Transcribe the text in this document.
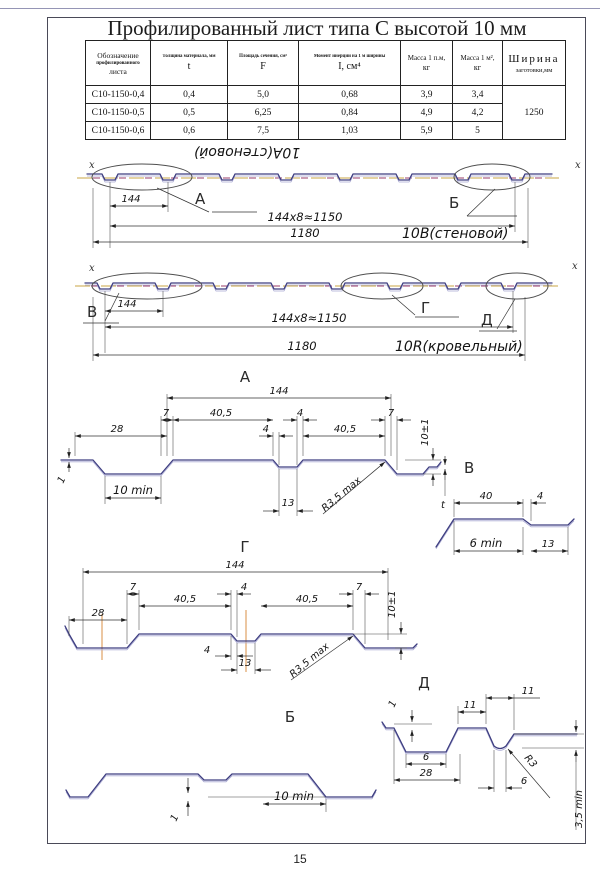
Профилированный лист типа С высотой 10 мм
Обозначение
профилированного
листа

Толщина материала, мм
t

Площадь сечения, см²
F

Момент инерции на 1 м ширины
I, см⁴

Масса 1 п.м,
кг

Масса 1 м²,
кг

Ширина
заготовки,мм

С10-1150-0,4	0,4	5,0	0,68	3,9	3,4	1250
С10-1150-0,5	0,5	6,25	0,84	4,9	4,2	
С10-1150-0,6	0,6	7,5	1,03	5,9	5	
x	x
10А(стеновой)
А	Б
144
144х8≈1150
1180	10В(стеновой)
x	x
В	Г
Д
144
144х8≈1150
1180	10R(кровельный)
А
144
7	40,5	4	7
28	4	40,5	10±1
1
10 min
13	R3,5 max	t
В
40	4
6 min	13
Г
144
7	4	7
40,5	40,5
28
4
13
10±1
R3,5 max
Б
1
10 min
Д
1	11
11
6
28
6
R3
3,5 min
15
